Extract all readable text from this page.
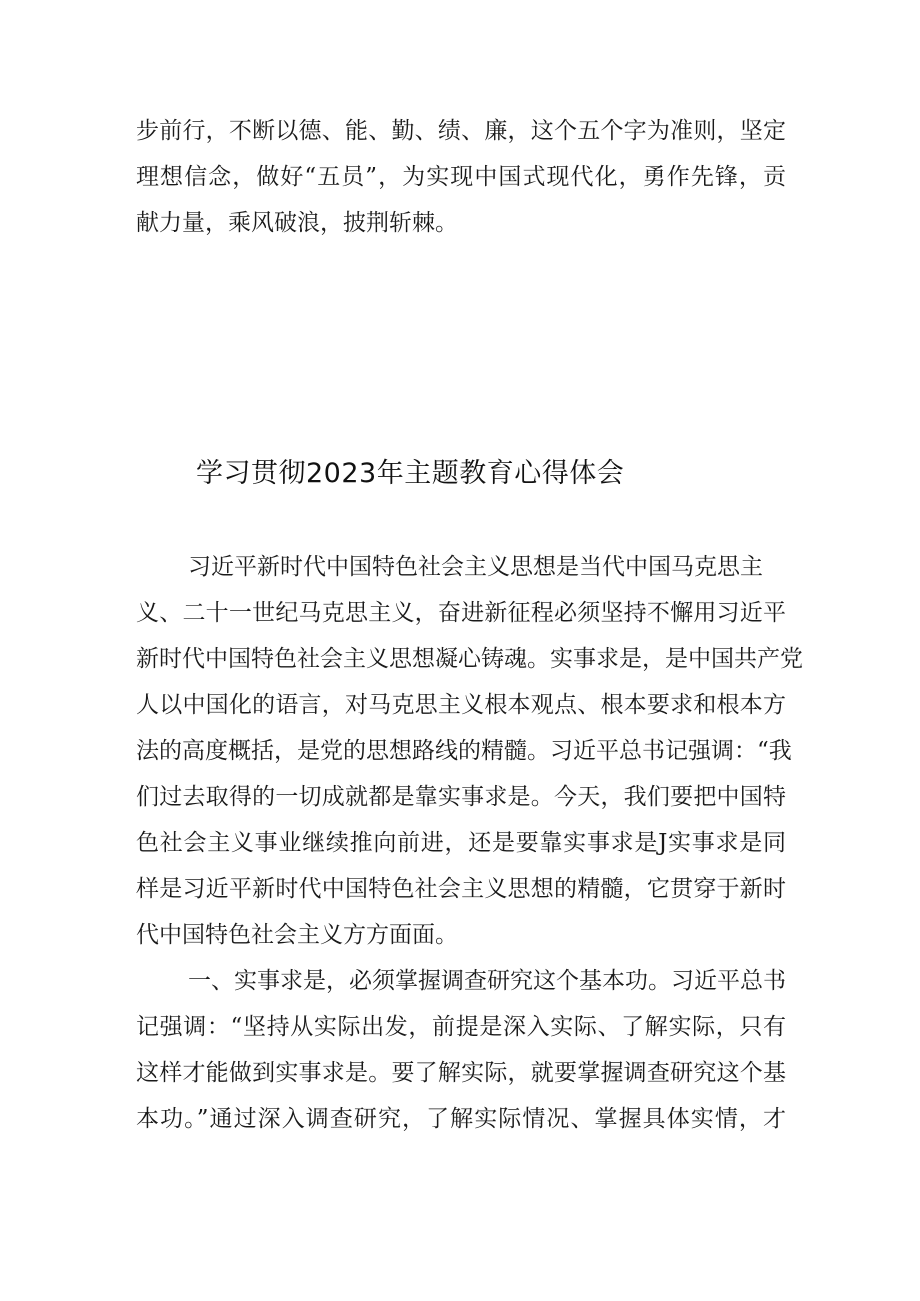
步前行，不断以德、能、勤、绩、廉，这个五个字为准则，坚定
理想信念，做好“五员”，为实现中国式现代化，勇作先锋，贡
献力量，乘风破浪，披荆斩棘。
学习贯彻2023年主题教育心得体会
习近平新时代中国特色社会主义思想是当代中国马克思主
义、二十一世纪马克思主义，奋进新征程必须坚持不懈用习近平
新时代中国特色社会主义思想凝心铸魂。实事求是，是中国共产党
人以中国化的语言，对马克思主义根本观点、根本要求和根本方
法的高度概括，是党的思想路线的精髓。习近平总书记强调：“我
们过去取得的一切成就都是靠实事求是。今天，我们要把中国特
色社会主义事业继续推向前进，还是要靠实事求是J实事求是同
样是习近平新时代中国特色社会主义思想的精髓，它贯穿于新时
代中国特色社会主义方方面面。
一、实事求是，必须掌握调查研究这个基本功。习近平总书
记强调：“坚持从实际出发，前提是深入实际、了解实际，只有
这样才能做到实事求是。要了解实际，就要掌握调查研究这个基
本功。”通过深入调查研究，了解实际情况、掌握具体实情，才
